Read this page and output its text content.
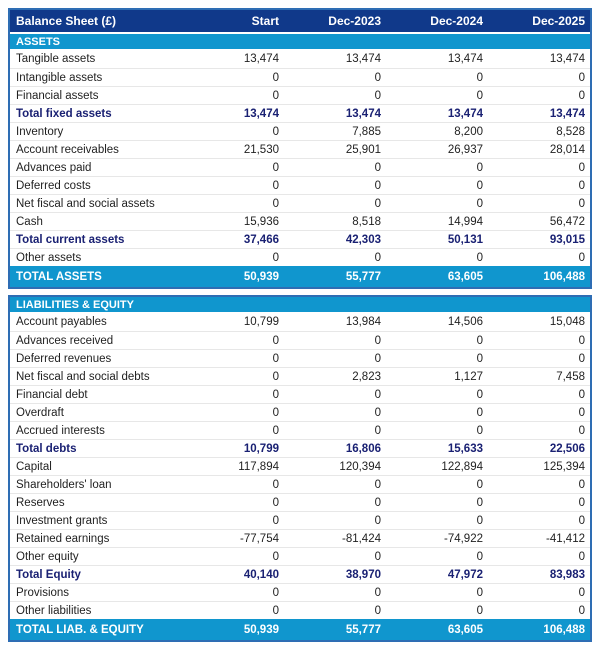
Balance Sheet (£)	Start	Dec-2023	Dec-2024	Dec-2025
ASSETS
Tangible assets	13,474	13,474	13,474	13,474
Intangible assets	0	0	0	0
Financial assets	0	0	0	0
Total fixed assets	13,474	13,474	13,474	13,474
Inventory	0	7,885	8,200	8,528
Account receivables	21,530	25,901	26,937	28,014
Advances paid	0	0	0	0
Deferred costs	0	0	0	0
Net fiscal and social assets	0	0	0	0
Cash	15,936	8,518	14,994	56,472
Total current assets	37,466	42,303	50,131	93,015
Other assets	0	0	0	0
TOTAL ASSETS	50,939	55,777	63,605	106,488
LIABILITIES & EQUITY
Account payables	10,799	13,984	14,506	15,048
Advances received	0	0	0	0
Deferred revenues	0	0	0	0
Net fiscal and social debts	0	2,823	1,127	7,458
Financial debt	0	0	0	0
Overdraft	0	0	0	0
Accrued interests	0	0	0	0
Total debts	10,799	16,806	15,633	22,506
Capital	117,894	120,394	122,894	125,394
Shareholders' loan	0	0	0	0
Reserves	0	0	0	0
Investment grants	0	0	0	0
Retained earnings	-77,754	-81,424	-74,922	-41,412
Other equity	0	0	0	0
Total Equity	40,140	38,970	47,972	83,983
Provisions	0	0	0	0
Other liabilities	0	0	0	0
TOTAL LIAB. & EQUITY	50,939	55,777	63,605	106,488
